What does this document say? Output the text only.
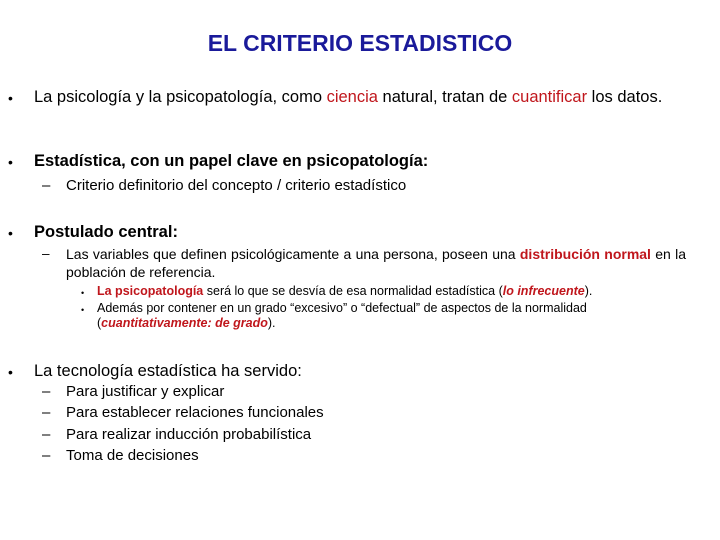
EL CRITERIO ESTADISTICO
• La psicología y la psicopatología, como ciencia natural, tratan de cuantificar los datos.
• Estadística, con un papel clave en psicopatología:
– Criterio definitorio del concepto / criterio estadístico
• Postulado central:
– Las variables que definen psicológicamente a una persona, poseen una distribución normal en la población de referencia.
• La psicopatología será lo que se desvía de esa normalidad estadística (lo infrecuente).
• Además por contener en un grado “excesivo” o “defectual” de aspectos de la normalidad (cuantitativamente: de grado).
• La tecnología estadística ha servido:
– Para justificar y explicar
– Para establecer relaciones funcionales
– Para realizar inducción probabilística
– Toma de decisiones
